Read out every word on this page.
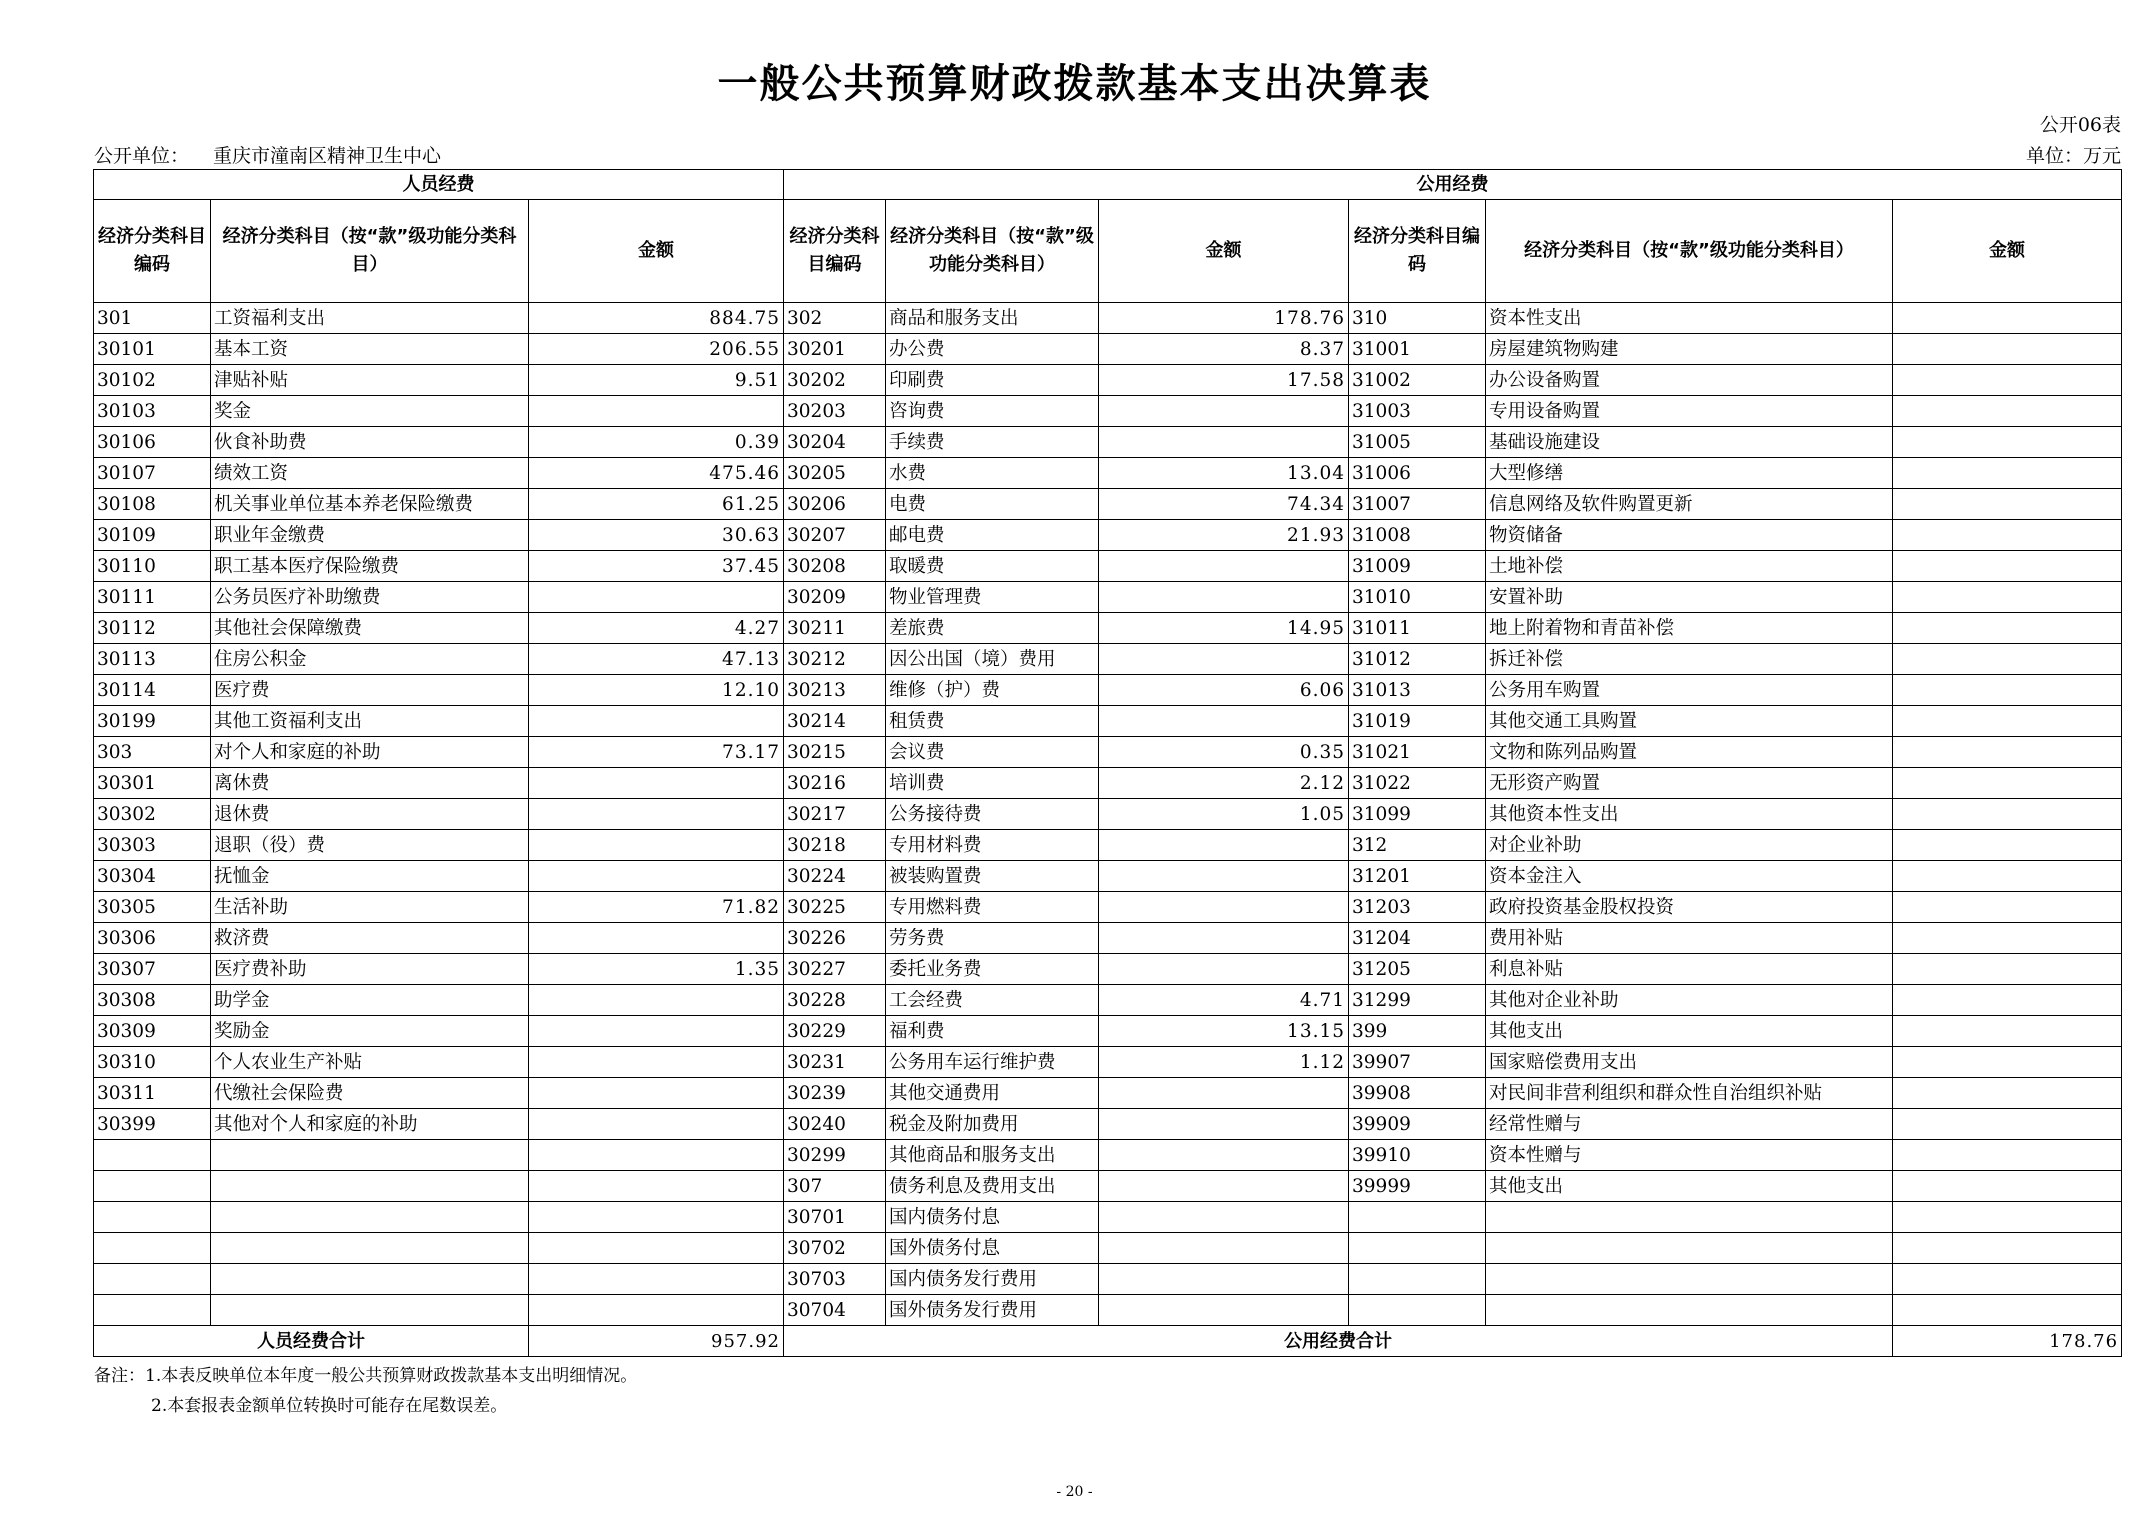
一般公共预算财政拨款基本支出决算表
公开06表
公开单位： 重庆市潼南区精神卫生中心	单位：万元
人员经费			公用经费					
经济分类科目编码	经济分类科目（按“款”级功能分类科目）	金额	经济分类科目编码	经济分类科目（按“款”级功能分类科目）	金额	经济分类科目编码	经济分类科目（按“款”级功能分类科目）	金额
301	工资福利支出	884.75	302	商品和服务支出	178.76	310	资本性支出	
30101	基本工资	206.55	30201	办公费	8.37	31001	房屋建筑物购建	
30102	津贴补贴	9.51	30202	印刷费	17.58	31002	办公设备购置	
30103	奖金		30203	咨询费		31003	专用设备购置	
30106	伙食补助费	0.39	30204	手续费		31005	基础设施建设	
30107	绩效工资	475.46	30205	水费	13.04	31006	大型修缮	
30108	机关事业单位基本养老保险缴费	61.25	30206	电费	74.34	31007	信息网络及软件购置更新	
30109	职业年金缴费	30.63	30207	邮电费	21.93	31008	物资储备	
30110	职工基本医疗保险缴费	37.45	30208	取暖费		31009	土地补偿	
30111	公务员医疗补助缴费		30209	物业管理费		31010	安置补助	
30112	其他社会保障缴费	4.27	30211	差旅费	14.95	31011	地上附着物和青苗补偿	
30113	住房公积金	47.13	30212	因公出国（境）费用		31012	拆迁补偿	
30114	医疗费	12.10	30213	维修（护）费	6.06	31013	公务用车购置	
30199	其他工资福利支出		30214	租赁费		31019	其他交通工具购置	
303	对个人和家庭的补助	73.17	30215	会议费	0.35	31021	文物和陈列品购置	
30301	离休费		30216	培训费	2.12	31022	无形资产购置	
30302	退休费		30217	公务接待费	1.05	31099	其他资本性支出	
30303	退职（役）费		30218	专用材料费		312	对企业补助	
30304	抚恤金		30224	被装购置费		31201	资本金注入	
30305	生活补助	71.82	30225	专用燃料费		31203	政府投资基金股权投资	
30306	救济费		30226	劳务费		31204	费用补贴	
30307	医疗费补助	1.35	30227	委托业务费		31205	利息补贴	
30308	助学金		30228	工会经费	4.71	31299	其他对企业补助	
30309	奖励金		30229	福利费	13.15	399	其他支出	
30310	个人农业生产补贴		30231	公务用车运行维护费	1.12	39907	国家赔偿费用支出	
30311	代缴社会保险费		30239	其他交通费用		39908	对民间非营利组织和群众性自治组织补贴	
30399	其他对个人和家庭的补助		30240	税金及附加费用		39909	经常性赠与	
			30299	其他商品和服务支出		39910	资本性赠与	
			307	债务利息及费用支出		39999	其他支出	
			30701	国内债务付息				
			30702	国外债务付息				
			30703	国内债务发行费用				
			30704	国外债务发行费用				
人员经费合计		957.92	公用经费合计					178.76
备注：1.本表反映单位本年度一般公共预算财政拨款基本支出明细情况。
2.本套报表金额单位转换时可能存在尾数误差。
- 20 -
